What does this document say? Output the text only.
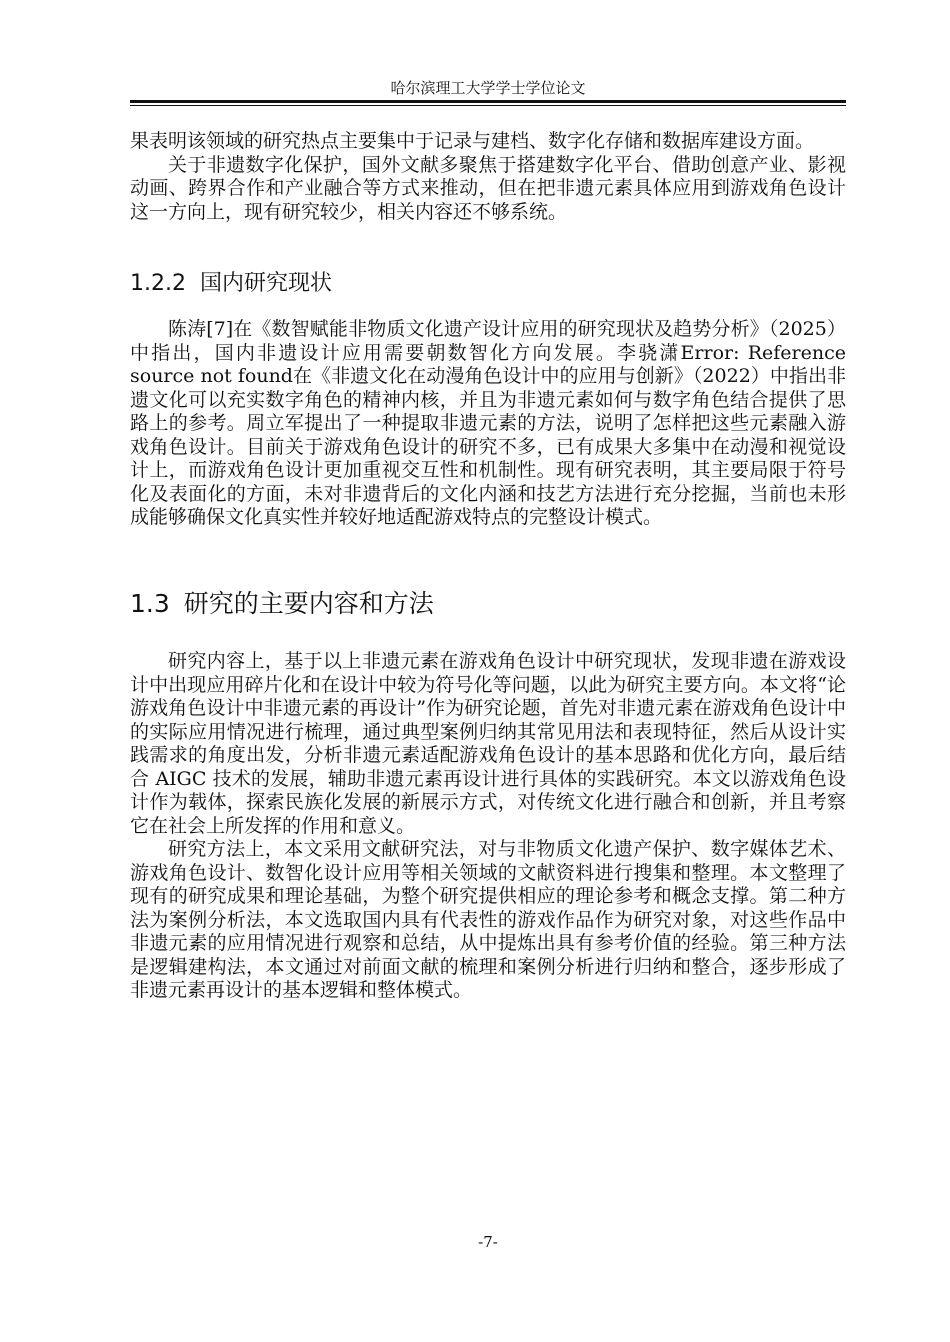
哈尔滨理工大学学士学位论文

果表明该领域的研究热点主要集中于记录与建档、数字化存储和数据库建设方面。

关于非遗数字化保护，国外文献多聚焦于搭建数字化平台、借助创意产业、影视动画、跨界合作和产业融合等方式来推动，但在把非遗元素具体应用到游戏角色设计这一方向上，现有研究较少，相关内容还不够系统。

1.2.2 国内研究现状

陈涛[7]在《数智赋能非物质文化遗产设计应用的研究现状及趋势分析》（2025）中指出，国内非遗设计应用需要朝数智化方向发展。李骁潇Error: Reference source not found在《非遗文化在动漫角色设计中的应用与创新》（2022）中指出非遗文化可以充实数字角色的精神内核，并且为非遗元素如何与数字角色结合提供了思路上的参考。周立军提出了一种提取非遗元素的方法，说明了怎样把这些元素融入游戏角色设计。目前关于游戏角色设计的研究不多，已有成果大多集中在动漫和视觉设计上，而游戏角色设计更加重视交互性和机制性。现有研究表明，其主要局限于符号化及表面化的方面，未对非遗背后的文化内涵和技艺方法进行充分挖掘，当前也未形成能够确保文化真实性并较好地适配游戏特点的完整设计模式。

1.3 研究的主要内容和方法

研究内容上，基于以上非遗元素在游戏角色设计中研究现状，发现非遗在游戏设计中出现应用碎片化和在设计中较为符号化等问题，以此为研究主要方向。本文将“论游戏角色设计中非遗元素的再设计”作为研究论题，首先对非遗元素在游戏角色设计中的实际应用情况进行梳理，通过典型案例归纳其常见用法和表现特征，然后从设计实践需求的角度出发，分析非遗元素适配游戏角色设计的基本思路和优化方向，最后结合 AIGC 技术的发展，辅助非遗元素再设计进行具体的实践研究。本文以游戏角色设计作为载体，探索民族化发展的新展示方式，对传统文化进行融合和创新，并且考察它在社会上所发挥的作用和意义。

研究方法上，本文采用文献研究法，对与非物质文化遗产保护、数字媒体艺术、游戏角色设计、数智化设计应用等相关领域的文献资料进行搜集和整理。本文整理了现有的研究成果和理论基础，为整个研究提供相应的理论参考和概念支撑。第二种方法为案例分析法，本文选取国内具有代表性的游戏作品作为研究对象，对这些作品中非遗元素的应用情况进行观察和总结，从中提炼出具有参考价值的经验。第三种方法是逻辑建构法，本文通过对前面文献的梳理和案例分析进行归纳和整合，逐步形成了非遗元素再设计的基本逻辑和整体模式。

-7-
